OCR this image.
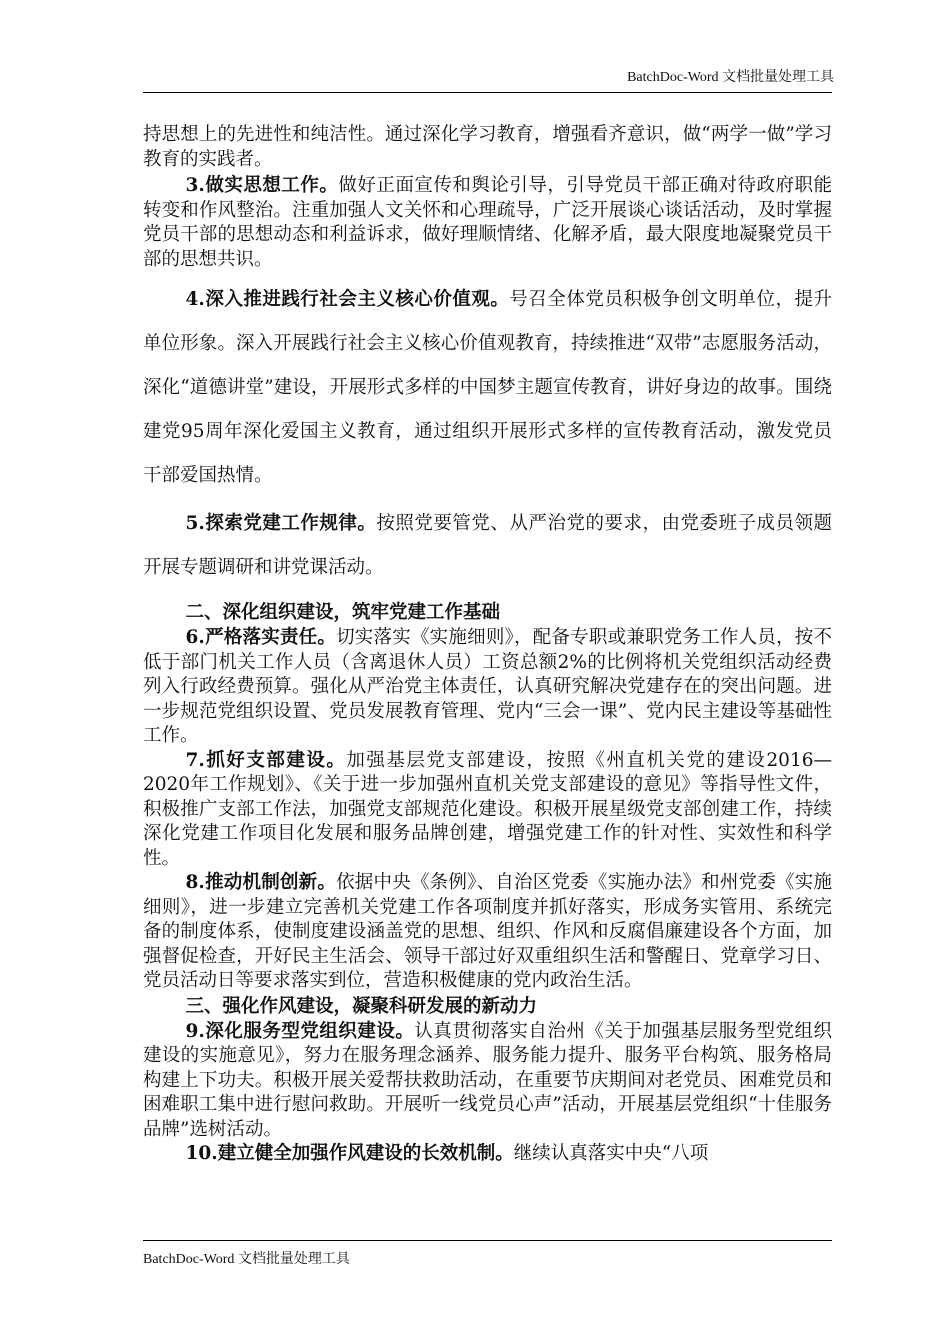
BatchDoc-Word 文档批量处理工具

持思想上的先进性和纯洁性。通过深化学习教育，增强看齐意识，做“两学一做”学习教育的实践者。

3.做实思想工作。做好正面宣传和舆论引导，引导党员干部正确对待政府职能转变和作风整治。注重加强人文关怀和心理疏导，广泛开展谈心谈话活动，及时掌握党员干部的思想动态和利益诉求，做好理顺情绪、化解矛盾，最大限度地凝聚党员干部的思想共识。

4.深入推进践行社会主义核心价值观。号召全体党员积极争创文明单位，提升单位形象。深入开展践行社会主义核心价值观教育，持续推进“双带”志愿服务活动，深化“道德讲堂”建设，开展形式多样的中国梦主题宣传教育，讲好身边的故事。围绕建党95周年深化爱国主义教育，通过组织开展形式多样的宣传教育活动，激发党员干部爱国热情。

5.探索党建工作规律。按照党要管党、从严治党的要求，由党委班子成员领题开展专题调研和讲党课活动。

二、深化组织建设，筑牢党建工作基础

6.严格落实责任。切实落实《实施细则》，配备专职或兼职党务工作人员，按不低于部门机关工作人员（含离退休人员）工资总额2%的比例将机关党组织活动经费列入行政经费预算。强化从严治党主体责任，认真研究解决党建存在的突出问题。进一步规范党组织设置、党员发展教育管理、党内“三会一课”、党内民主建设等基础性工作。

7.抓好支部建设。加强基层党支部建设，按照《州直机关党的建设2016—2020年工作规划》、《关于进一步加强州直机关党支部建设的意见》等指导性文件，积极推广支部工作法，加强党支部规范化建设。积极开展星级党支部创建工作，持续深化党建工作项目化发展和服务品牌创建，增强党建工作的针对性、实效性和科学性。

8.推动机制创新。依据中央《条例》、自治区党委《实施办法》和州党委《实施细则》，进一步建立完善机关党建工作各项制度并抓好落实，形成务实管用、系统完备的制度体系，使制度建设涵盖党的思想、组织、作风和反腐倡廉建设各个方面，加强督促检查，开好民主生活会、领导干部过好双重组织生活和警醒日、党章学习日、党员活动日等要求落实到位，营造积极健康的党内政治生活。

三、强化作风建设，凝聚科研发展的新动力

9.深化服务型党组织建设。认真贯彻落实自治州《关于加强基层服务型党组织建设的实施意见》，努力在服务理念涵养、服务能力提升、服务平台构筑、服务格局构建上下功夫。积极开展关爱帮扶救助活动，在重要节庆期间对老党员、困难党员和困难职工集中进行慰问救助。开展听一线党员心声”活动，开展基层党组织“十佳服务品牌”选树活动。

10.建立健全加强作风建设的长效机制。继续认真落实中央“八项

BatchDoc-Word 文档批量处理工具
